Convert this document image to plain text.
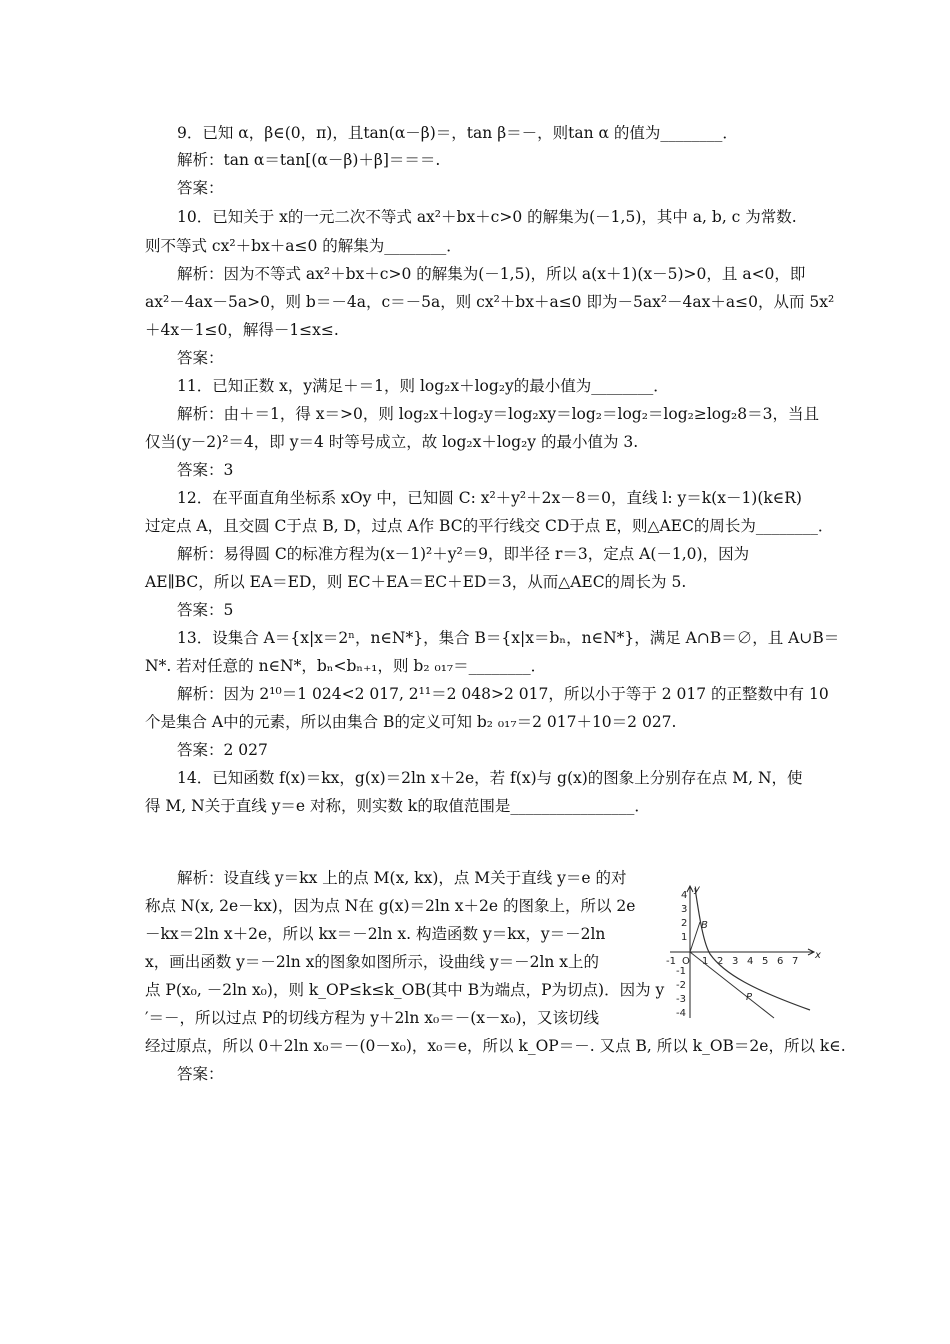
9．已知 α，β∈(0，π)，且tan(α－β)＝，tan β＝－，则tan α 的值为________．
解析：tan α＝tan[(α－β)＋β]＝＝＝.
答案：
10．已知关于 x的一元二次不等式 ax²＋bx＋c>0 的解集为(－1,5)，其中 a, b, c 为常数.
则不等式 cx²＋bx＋a≤0 的解集为________．
解析：因为不等式 ax²＋bx＋c>0 的解集为(－1,5)，所以 a(x＋1)(x－5)>0，且 a<0，即
ax²－4ax－5a>0，则 b＝－4a，c＝－5a，则 cx²＋bx＋a≤0 即为－5ax²－4ax＋a≤0，从而 5x²
＋4x－1≤0，解得－1≤x≤.
答案：
11．已知正数 x，y满足＋＝1，则 log₂x＋log₂y的最小值为________．
解析：由＋＝1，得 x＝>0，则 log₂x＋log₂y＝log₂xy＝log₂＝log₂＝log₂≥log₂8＝3，当且
仅当(y－2)²＝4，即 y＝4 时等号成立，故 log₂x＋log₂y 的最小值为 3.
答案：3
12．在平面直角坐标系 xOy 中，已知圆 C: x²＋y²＋2x－8＝0，直线 l: y＝k(x－1)(k∈R)
过定点 A，且交圆 C于点 B, D，过点 A作 BC的平行线交 CD于点 E，则△AEC的周长为________．
解析：易得圆 C的标准方程为(x－1)²＋y²＝9，即半径 r＝3，定点 A(－1,0)，因为
AE∥BC，所以 EA＝ED，则 EC＋EA＝EC＋ED＝3，从而△AEC的周长为 5.
答案：5
13．设集合 A＝{x|x＝2ⁿ，n∈N*}，集合 B＝{x|x＝bₙ，n∈N*}，满足 A∩B＝∅，且 A∪B＝
N*. 若对任意的 n∈N*，bₙ<bₙ₊₁，则 b₂ ₀₁₇＝________．
解析：因为 2¹⁰＝1 024<2 017, 2¹¹＝2 048>2 017，所以小于等于 2 017 的正整数中有 10
个是集合 A中的元素，所以由集合 B的定义可知 b₂ ₀₁₇＝2 017＋10＝2 027.
答案：2 027
14．已知函数 f(x)＝kx，g(x)＝2ln x＋2e，若 f(x)与 g(x)的图象上分别存在点 M, N，使
得 M, N关于直线 y＝e 对称，则实数 k的取值范围是________________．
解析：设直线 y＝kx 上的点 M(x, kx)，点 M关于直线 y＝e 的对
称点 N(x, 2e－kx)，因为点 N在 g(x)＝2ln x＋2e 的图象上，所以 2e
－kx＝2ln x＋2e，所以 kx＝－2ln x. 构造函数 y＝kx，y＝－2ln
x，画出函数 y＝－2ln x的图象如图所示，设曲线 y＝－2ln x上的
点 P(x₀, －2ln x₀)，则 k_OP≤k≤k_OB(其中 B为端点，P为切点)．因为 y
′＝－，所以过点 P的切线方程为 y＋2ln x₀＝－(x－x₀)，又该切线
经过原点，所以 0＋2ln x₀＝－(0－x₀)，x₀＝e，所以 k_OP＝－. 又点 B, 所以 k_OB＝2e，所以 k∈.
答案：
x
y
O
-1	1 2 3 4 5 6 7
4
3
2
1
-1
-2
-3
-4
B
P
